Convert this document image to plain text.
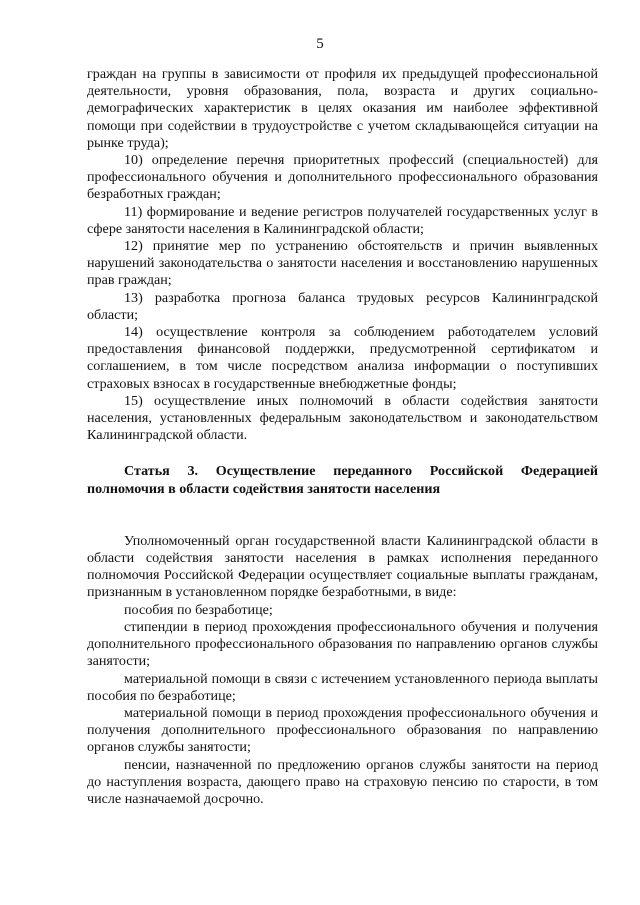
5

граждан на группы в зависимости от профиля их предыдущей профессиональной деятельности, уровня образования, пола, возраста и других социально-демографических характеристик в целях оказания им наиболее эффективной помощи при содействии в трудоустройстве с учетом складывающейся ситуации на рынке труда);

10) определение перечня приоритетных профессий (специальностей) для профессионального обучения и дополнительного профессионального образования безработных граждан;

11) формирование и ведение регистров получателей государственных услуг в сфере занятости населения в Калининградской области;

12) принятие мер по устранению обстоятельств и причин выявленных нарушений законодательства о занятости населения и восстановлению нарушенных прав граждан;

13) разработка прогноза баланса трудовых ресурсов Калининградской области;

14) осуществление контроля за соблюдением работодателем условий предоставления финансовой поддержки, предусмотренной сертификатом и соглашением, в том числе посредством анализа информации о поступивших страховых взносах в государственные внебюджетные фонды;

15) осуществление иных полномочий в области содействия занятости населения, установленных федеральным законодательством и законодательством Калининградской области.

Статья 3. Осуществление переданного Российской Федерацией полномочия в области содействия занятости населения

Уполномоченный орган государственной власти Калининградской области в области содействия занятости населения в рамках исполнения переданного полномочия Российской Федерации осуществляет социальные выплаты гражданам, признанным в установленном порядке безработными, в виде:

пособия по безработице;

стипендии в период прохождения профессионального обучения и получения дополнительного профессионального образования по направлению органов службы занятости;

материальной помощи в связи с истечением установленного периода выплаты пособия по безработице;

материальной помощи в период прохождения профессионального обучения и получения дополнительного профессионального образования по направлению органов службы занятости;

пенсии, назначенной по предложению органов службы занятости на период до наступления возраста, дающего право на страховую пенсию по старости, в том числе назначаемой досрочно.
